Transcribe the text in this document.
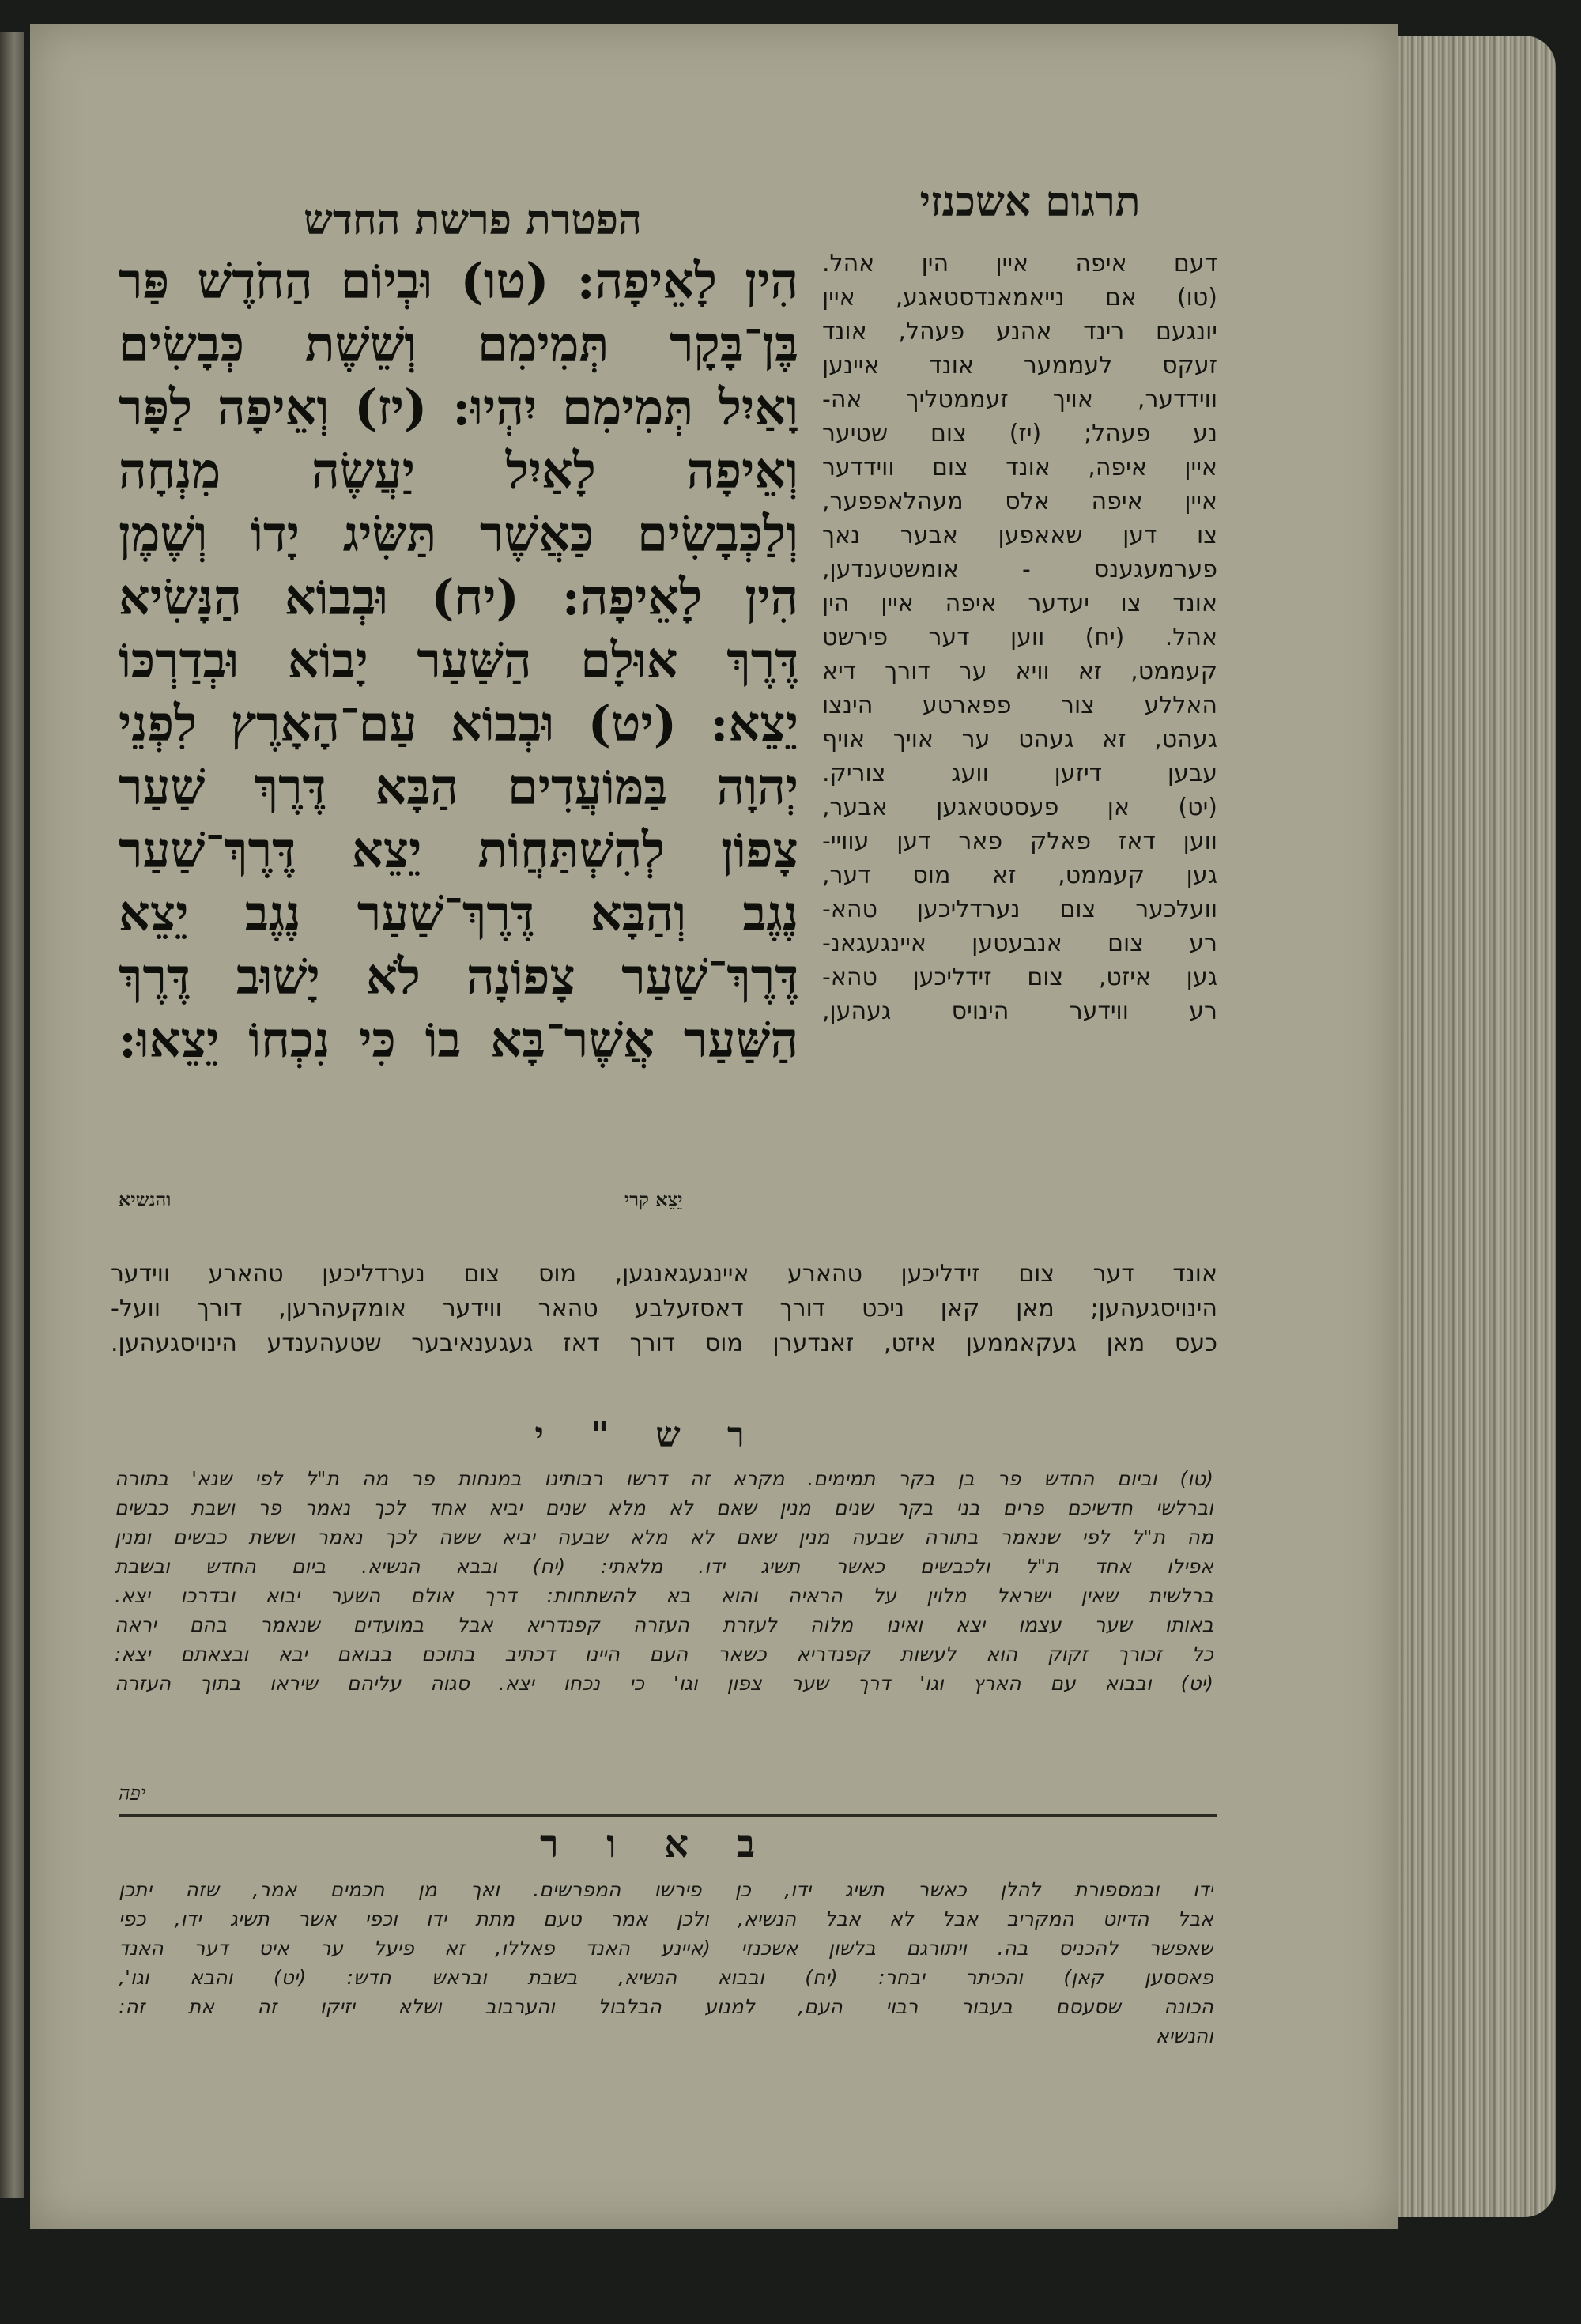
תרגום אשכנזי
הפטרת פרשת החדש
הִין לָאֵיפָה: (טו) וּבְיוֹם הַחֹדֶשׁ פַּר
בֶּן־בָּקָר תְּמִימִם וְשֵׁשֶׁת כְּבָשִׂים
וָאַיִל תְּמִימִם יִהְיוּ: (יז) וְאֵיפָה לַפָּר
וְאֵיפָה לָאַיִל יַעֲשֶׂה מִנְחָה
וְלַכְּבָשִׂים כַּאֲשֶׁר תַּשִּׂיג יָדוֹ וְשֶׁמֶן
הִין לָאֵיפָה: (יח) וּבְבוֹא הַנָּשִׂיא
דֶּרֶךְ אוּלָם הַשַּׁעַר יָבוֹא וּבְדַרְכּוֹ
יֵצֵא: (יט) וּבְבוֹא עַם־הָאָרֶץ לִפְנֵי
יְהוָה בַּמּוֹעֲדִים הַבָּא דֶּרֶךְ שַׁעַר
צָפוֹן לְהִשְׁתַּחֲוֹת יֵצֵא דֶּרֶךְ־שַׁעַר
נֶגֶב וְהַבָּא דֶּרֶךְ־שַׁעַר נֶגֶב יֵצֵא
דֶּרֶךְ־שַׁעַר צָפוֹנָה לֹא יָשׁוּב דֶּרֶךְ
הַשַּׁעַר אֲשֶׁר־בָּא בוֹ כִּי נִכְחוֹ יֵצֵאוּ:
יֵצֵא קרי
והנשיא
דעם איפה איין הין אהל.
(טו) אם נייאמאנדסטאגע, איין
יונגעם רינד אהנע פעהל, אונד
זעקס לעממער אונד איינען
ווידדער, אויך זעממטליך אה-
נע פעהל; (יז) צום שטיער
איין איפה, אונד צום ווידדער
איין איפה אלס מעהלאפפער,
צו דען שאאפען אבער נאך
פערמעגענס - אומשטענדען,
אונד צו יעדער איפה איין הין
אהל. (יח) ווען דער פירשט
קעממט, זא וויא ער דורך דיא
האללע צור פפארטע הינצו
געהט, זא געהט ער אויך אויף
עבען דיזען וועג צוריק.
(יט) אן פעסטטאגען אבער,
ווען דאז פאלק פאר דען עוויי-
גען קעממט, זא מוס דער,
וועלכער צום נערדליכען טהא-
רע צום אנבעטען איינגעגאנ-
גען איזט, צום זידליכען טהא-
רע ווידער הינויס געהען,
אונד דער צום זידליכען טהארע איינגעגאנגען, מוס צום נערדליכען טהארע ווידער
הינויסגעהען; מאן קאן ניכט דורך דאסזעלבע טהאר ווידער אומקעהרען, דורך וועל-
כעס מאן געקאממען איזט, זאנדערן מוס דורך דאז געגענאיבער שטעהענדע הינויסגעהען.
ר ש " י
(טו) וביום החדש פר בן בקר תמימים. מקרא זה דרשו רבותינו במנחות פר מה ת"ל לפי שנא' בתורה
וברלשי חדשיכם פרים בני בקר שנים מנין שאם לא מלא שנים יביא אחד לכך נאמר פר ושבת כבשים
מה ת"ל לפי שנאמר בתורה שבעה מנין שאם לא מלא שבעה יביא ששה לכך נאמר וששת כבשים ומנין
אפילו אחד ת"ל ולכבשים כאשר תשיג ידו. מלאתי: (יח) ובבא הנשיא. ביום החדש ובשבת
ברלשית שאין ישראל מלוין על הראיה והוא בא להשתחות: דרך אולם השער יבוא ובדרכו יצא.
באותו שער עצמו יצא ואינו מלוה לעזרת העזרה קפנדריא אבל במועדים שנאמר בהם יראה
כל זכורך זקוק הוא לעשות קפנדריא כשאר העם היינו דכתיב בתוכם בבואם יבא ובצאתם יצא:
(יט) ובבוא עם הארץ וגו' דרך שער צפון וגו' כי נכחו יצא. סגוה עליהם שיראו בתוך העזרה
יפה
ב א ו ר
ידו ובמספורת להלן כאשר תשיג ידו, כן פירשו המפרשים. ואך מן חכמים אמר, שזה יתכן
אבל הדיוט המקריב אבל לא אבל הנשיא, ולכן אמר טעם מתת ידו וכפי אשר תשיג ידו, כפי
שאפשר להכניס בה. ויתורגם בלשון אשכנזי (איינע האנד פאללו, זא פיעל ער איט דער האנד
פאססען קאן) והכיתר יבחר: (יח) ובבוא הנשיא, בשבת ובראש חדש: (יט) והבא וגו',
הכונה שסעסם בעבור רבוי העם, למנוע הבלבול והערבוב ושלא יזיקו זה את זה:
והנשיא
